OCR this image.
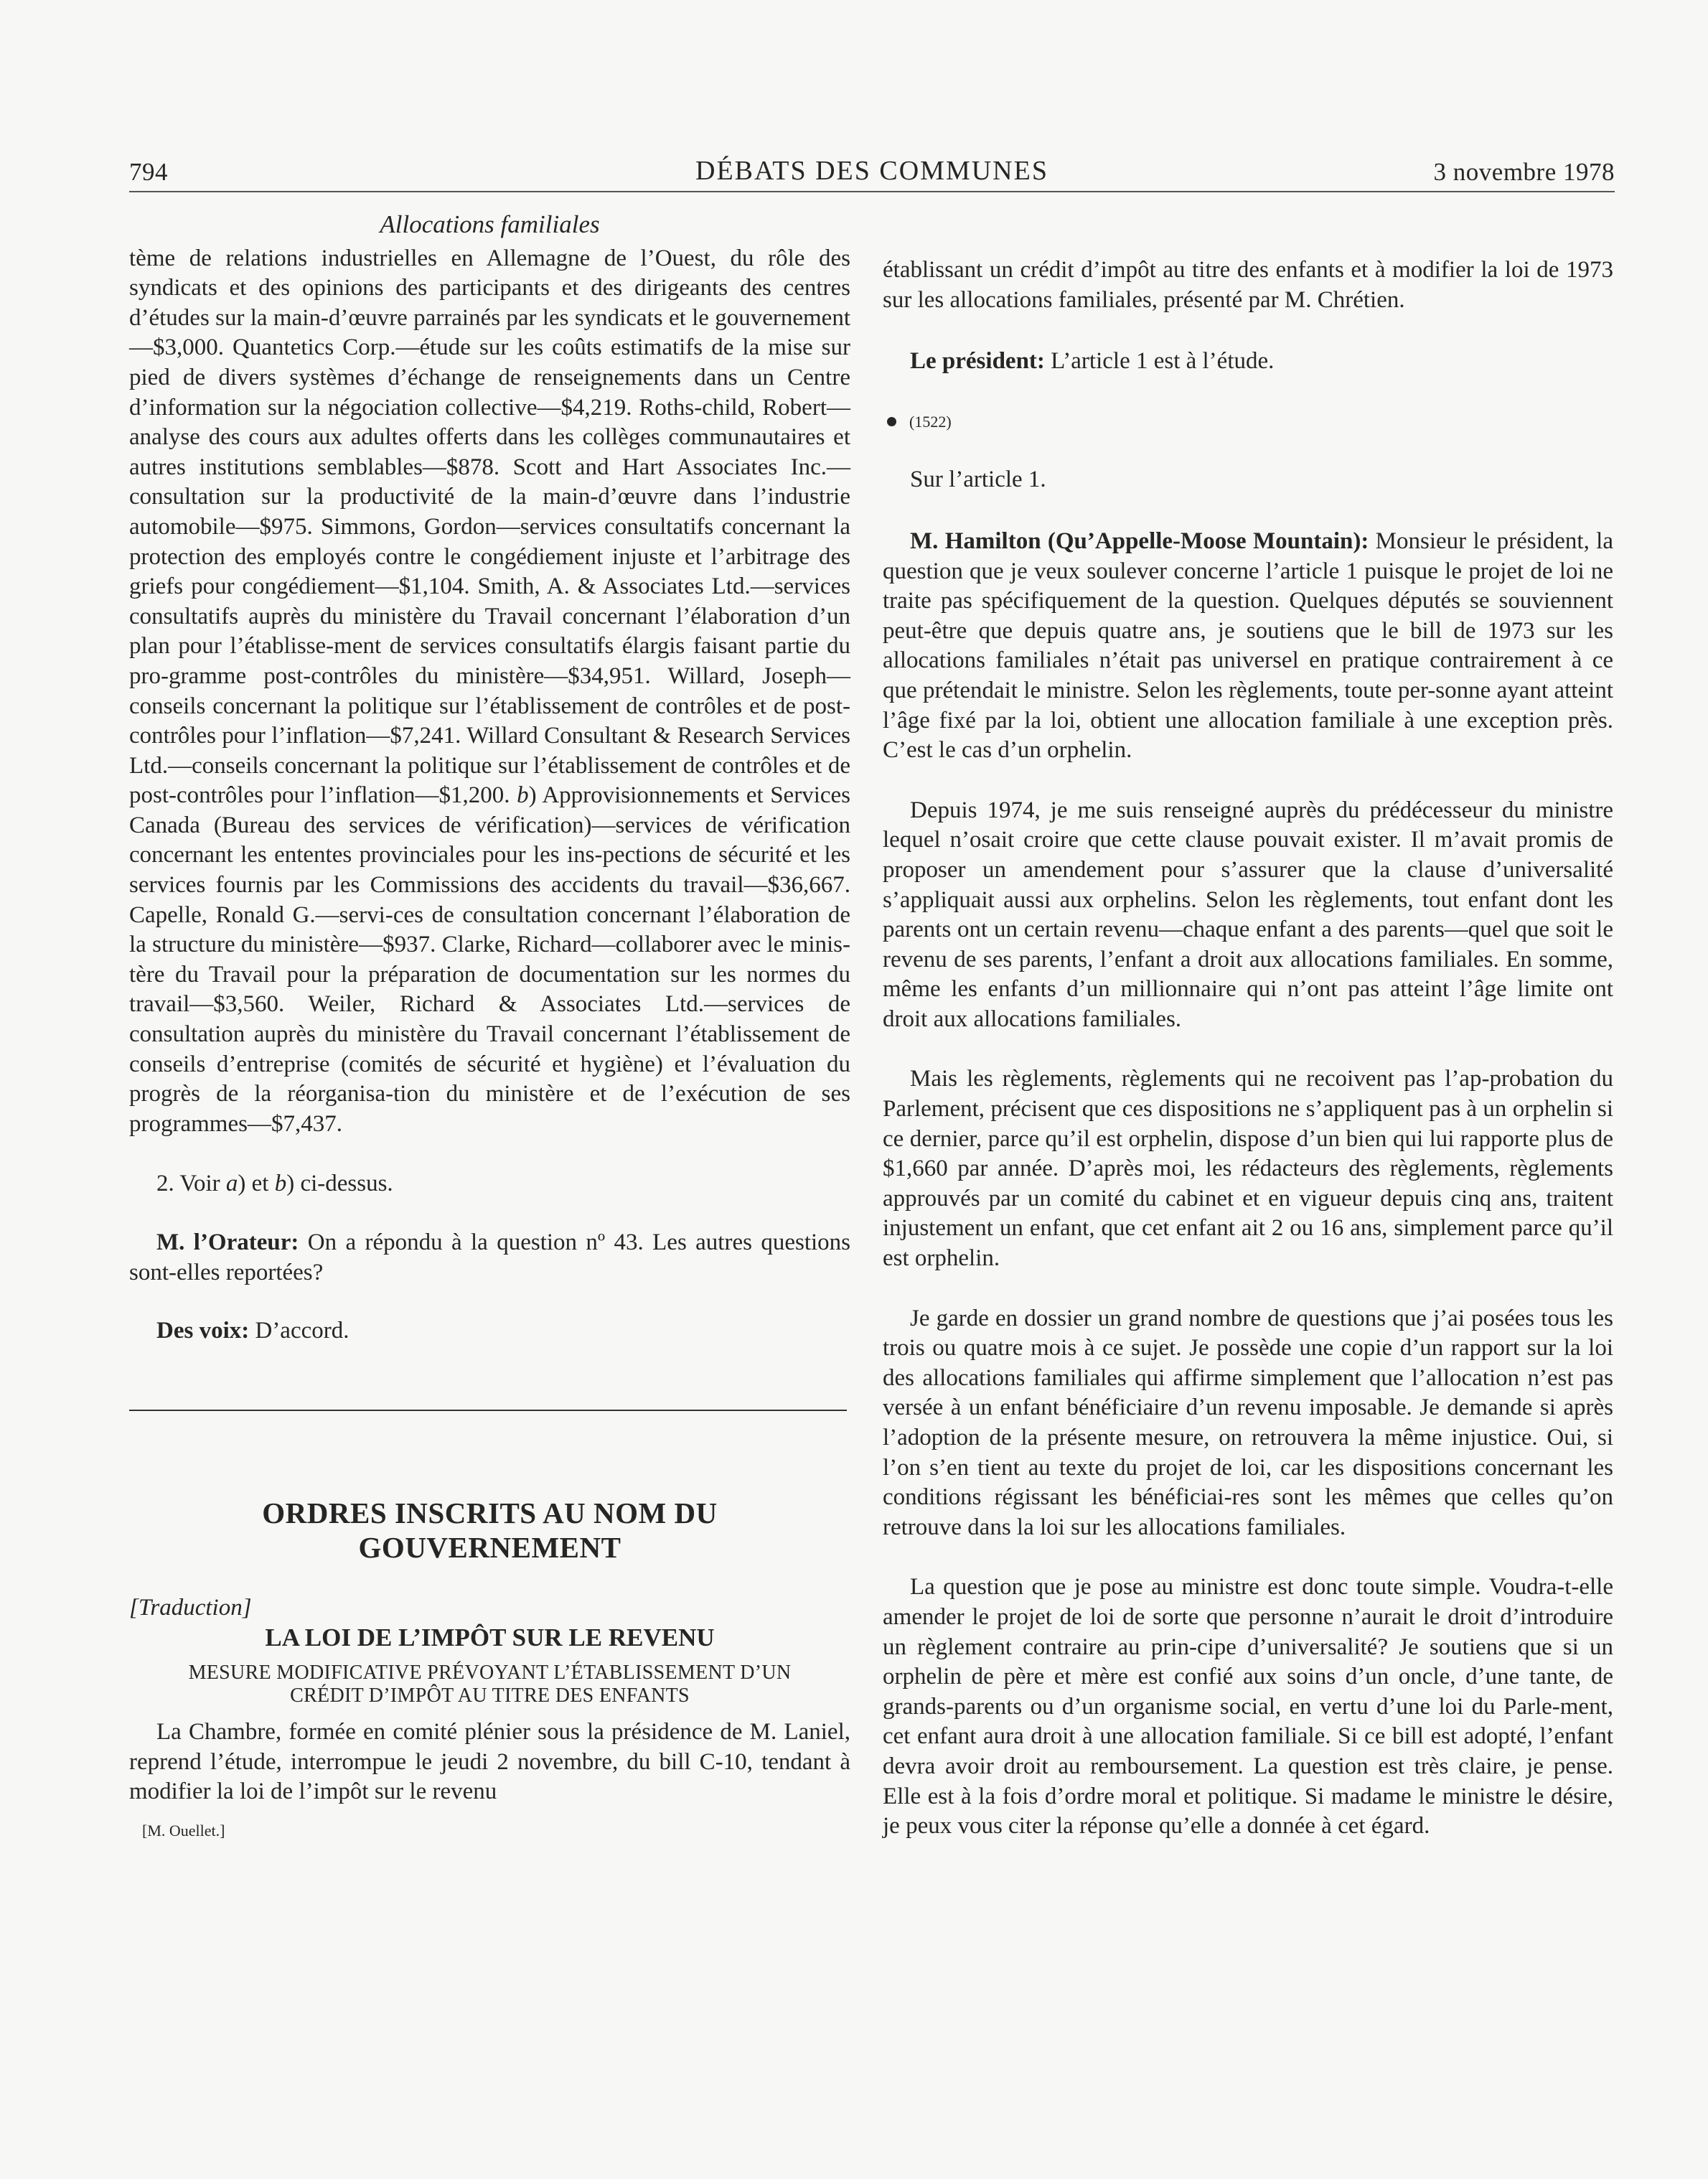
794	DÉBATS DES COMMUNES	3 novembre 1978

Allocations familiales

tème de relations industrielles en Allemagne de l’Ouest, du rôle des syndicats et des opinions des participants et des dirigeants des centres d’études sur la main-d’œuvre parrainés par les syndicats et le gouvernement—$3,000. Quantetics Corp.—étude sur les coûts estimatifs de la mise sur pied de divers systèmes d’échange de renseignements dans un Centre d’information sur la négociation collective—$4,219. Roths-child, Robert—analyse des cours aux adultes offerts dans les collèges communautaires et autres institutions semblables—$878. Scott and Hart Associates Inc.—consultation sur la productivité de la main-d’œuvre dans l’industrie automobile—$975. Simmons, Gordon—services consultatifs concernant la protection des employés contre le congédiement injuste et l’arbitrage des griefs pour congédiement—$1,104. Smith, A. & Associates Ltd.—services consultatifs auprès du ministère du Travail concernant l’élaboration d’un plan pour l’établisse-ment de services consultatifs élargis faisant partie du pro-gramme post-contrôles du ministère—$34,951. Willard, Joseph—conseils concernant la politique sur l’établissement de contrôles et de post-contrôles pour l’inflation—$7,241. Willard Consultant & Research Services Ltd.—conseils concernant la politique sur l’établissement de contrôles et de post-contrôles pour l’inflation—$1,200. b) Approvisionnements et Services Canada (Bureau des services de vérification)—services de vérification concernant les ententes provinciales pour les ins-pections de sécurité et les services fournis par les Commissions des accidents du travail—$36,667. Capelle, Ronald G.—servi-ces de consultation concernant l’élaboration de la structure du ministère—$937. Clarke, Richard—collaborer avec le minis-tère du Travail pour la préparation de documentation sur les normes du travail—$3,560. Weiler, Richard & Associates Ltd.—services de consultation auprès du ministère du Travail concernant l’établissement de conseils d’entreprise (comités de sécurité et hygiène) et l’évaluation du progrès de la réorganisa-tion du ministère et de l’exécution de ses programmes—$7,437.

2. Voir a) et b) ci-dessus.

M. l’Orateur: On a répondu à la question nº 43. Les autres questions sont-elles reportées?

Des voix: D’accord.

ORDRES INSCRITS AU NOM DU
GOUVERNEMENT

[Traduction]

LA LOI DE L’IMPÔT SUR LE REVENU

MESURE MODIFICATIVE PRÉVOYANT L’ÉTABLISSEMENT D’UN
CRÉDIT D’IMPÔT AU TITRE DES ENFANTS

La Chambre, formée en comité plénier sous la présidence de M. Laniel, reprend l’étude, interrompue le jeudi 2 novembre, du bill C-10, tendant à modifier la loi de l’impôt sur le revenu

[M. Ouellet.]

établissant un crédit d’impôt au titre des enfants et à modifier la loi de 1973 sur les allocations familiales, présenté par M. Chrétien.

Le président: L’article 1 est à l’étude.

(1522)

Sur l’article 1.

M. Hamilton (Qu’Appelle-Moose Mountain): Monsieur le président, la question que je veux soulever concerne l’article 1 puisque le projet de loi ne traite pas spécifiquement de la question. Quelques députés se souviennent peut-être que depuis quatre ans, je soutiens que le bill de 1973 sur les allocations familiales n’était pas universel en pratique contrairement à ce que prétendait le ministre. Selon les règlements, toute per-sonne ayant atteint l’âge fixé par la loi, obtient une allocation familiale à une exception près. C’est le cas d’un orphelin.

Depuis 1974, je me suis renseigné auprès du prédécesseur du ministre lequel n’osait croire que cette clause pouvait exister. Il m’avait promis de proposer un amendement pour s’assurer que la clause d’universalité s’appliquait aussi aux orphelins. Selon les règlements, tout enfant dont les parents ont un certain revenu—chaque enfant a des parents—quel que soit le revenu de ses parents, l’enfant a droit aux allocations familiales. En somme, même les enfants d’un millionnaire qui n’ont pas atteint l’âge limite ont droit aux allocations familiales.

Mais les règlements, règlements qui ne recoivent pas l’ap-probation du Parlement, précisent que ces dispositions ne s’appliquent pas à un orphelin si ce dernier, parce qu’il est orphelin, dispose d’un bien qui lui rapporte plus de $1,660 par année. D’après moi, les rédacteurs des règlements, règlements approuvés par un comité du cabinet et en vigueur depuis cinq ans, traitent injustement un enfant, que cet enfant ait 2 ou 16 ans, simplement parce qu’il est orphelin.

Je garde en dossier un grand nombre de questions que j’ai posées tous les trois ou quatre mois à ce sujet. Je possède une copie d’un rapport sur la loi des allocations familiales qui affirme simplement que l’allocation n’est pas versée à un enfant bénéficiaire d’un revenu imposable. Je demande si après l’adoption de la présente mesure, on retrouvera la même injustice. Oui, si l’on s’en tient au texte du projet de loi, car les dispositions concernant les conditions régissant les bénéficiai-res sont les mêmes que celles qu’on retrouve dans la loi sur les allocations familiales.

La question que je pose au ministre est donc toute simple. Voudra-t-elle amender le projet de loi de sorte que personne n’aurait le droit d’introduire un règlement contraire au prin-cipe d’universalité? Je soutiens que si un orphelin de père et mère est confié aux soins d’un oncle, d’une tante, de grands-parents ou d’un organisme social, en vertu d’une loi du Parle-ment, cet enfant aura droit à une allocation familiale. Si ce bill est adopté, l’enfant devra avoir droit au remboursement. La question est très claire, je pense. Elle est à la fois d’ordre moral et politique. Si madame le ministre le désire, je peux vous citer la réponse qu’elle a donnée à cet égard.
